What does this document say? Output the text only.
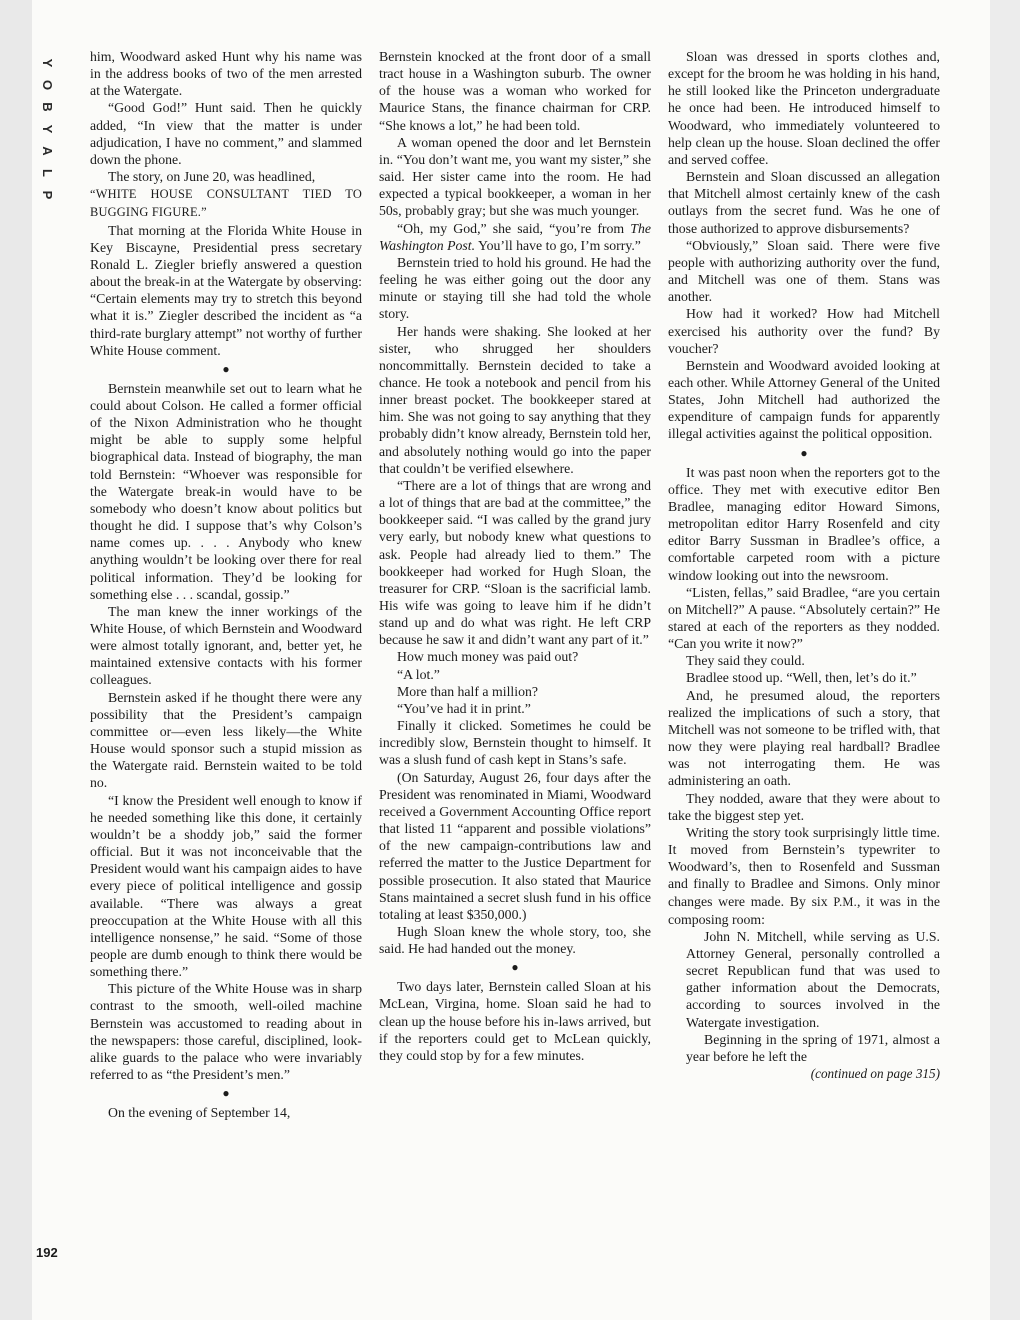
Y
O
B
Y
A
L
P
192

him, Woodward asked Hunt why his name was in the address books of two of the men arrested at the Watergate.

“Good God!” Hunt said. Then he quickly added, “In view that the matter is under adjudication, I have no comment,” and slammed down the phone.

The story, on June 20, was headlined,

“WHITE HOUSE CONSULTANT TIED TO BUGGING FIGURE.”

That morning at the Florida White House in Key Biscayne, Presidential press secretary Ronald L. Ziegler briefly answered a question about the break-in at the Watergate by observing: “Certain elements may try to stretch this beyond what it is.” Ziegler described the incident as “a third-rate burglary attempt” not worthy of further White House comment.

●

Bernstein meanwhile set out to learn what he could about Colson. He called a former official of the Nixon Administration who he thought might be able to supply some helpful biographical data. Instead of biography, the man told Bernstein: “Whoever was responsible for the Watergate break-in would have to be somebody who doesn’t know about politics but thought he did. I suppose that’s why Colson’s name comes up. . . . Anybody who knew anything wouldn’t be looking over there for real political information. They’d be looking for something else . . . scandal, gossip.”

The man knew the inner workings of the White House, of which Bernstein and Woodward were almost totally ignorant, and, better yet, he maintained extensive contacts with his former colleagues.

Bernstein asked if he thought there were any possibility that the President’s campaign committee or—even less likely—the White House would sponsor such a stupid mission as the Watergate raid. Bernstein waited to be told no.

“I know the President well enough to know if he needed something like this done, it certainly wouldn’t be a shoddy job,” said the former official. But it was not inconceivable that the President would want his campaign aides to have every piece of political intelligence and gossip available. “There was always a great preoccupation at the White House with all this intelligence nonsense,” he said. “Some of those people are dumb enough to think there would be something there.”

This picture of the White House was in sharp contrast to the smooth, well-oiled machine Bernstein was accustomed to reading about in the newspapers: those careful, disciplined, look-alike guards to the palace who were invariably referred to as “the President’s men.”

●

On the evening of September 14,

Bernstein knocked at the front door of a small tract house in a Washington suburb. The owner of the house was a woman who worked for Maurice Stans, the finance chairman for CRP. “She knows a lot,” he had been told.

A woman opened the door and let Bernstein in. “You don’t want me, you want my sister,” she said. Her sister came into the room. He had expected a typical bookkeeper, a woman in her 50s, probably gray; but she was much younger.

“Oh, my God,” she said, “you’re from The Washington Post. You’ll have to go, I’m sorry.”

Bernstein tried to hold his ground. He had the feeling he was either going out the door any minute or staying till she had told the whole story.

Her hands were shaking. She looked at her sister, who shrugged her shoulders noncommittally. Bernstein decided to take a chance. He took a notebook and pencil from his inner breast pocket. The bookkeeper stared at him. She was not going to say anything that they probably didn’t know already, Bernstein told her, and absolutely nothing would go into the paper that couldn’t be verified elsewhere.

“There are a lot of things that are wrong and a lot of things that are bad at the committee,” the bookkeeper said. “I was called by the grand jury very early, but nobody knew what questions to ask. People had already lied to them.” The bookkeeper had worked for Hugh Sloan, the treasurer for CRP. “Sloan is the sacrificial lamb. His wife was going to leave him if he didn’t stand up and do what was right. He left CRP because he saw it and didn’t want any part of it.”

How much money was paid out?

“A lot.”

More than half a million?

“You’ve had it in print.”

Finally it clicked. Sometimes he could be incredibly slow, Bernstein thought to himself. It was a slush fund of cash kept in Stans’s safe.

(On Saturday, August 26, four days after the President was renominated in Miami, Woodward received a Government Accounting Office report that listed 11 “apparent and possible violations” of the new campaign-contributions law and referred the matter to the Justice Department for possible prosecution. It also stated that Maurice Stans maintained a secret slush fund in his office totaling at least $350,000.)

Hugh Sloan knew the whole story, too, she said. He had handed out the money.

●

Two days later, Bernstein called Sloan at his McLean, Virgina, home. Sloan said he had to clean up the house before his in-laws arrived, but if the reporters could get to McLean quickly, they could stop by for a few minutes.

Sloan was dressed in sports clothes and, except for the broom he was holding in his hand, he still looked like the Princeton undergraduate he once had been. He introduced himself to Woodward, who immediately volunteered to help clean up the house. Sloan declined the offer and served coffee.

Bernstein and Sloan discussed an allegation that Mitchell almost certainly knew of the cash outlays from the secret fund. Was he one of those authorized to approve disbursements?

“Obviously,” Sloan said. There were five people with authorizing authority over the fund, and Mitchell was one of them. Stans was another.

How had it worked? How had Mitchell exercised his authority over the fund? By voucher?

Bernstein and Woodward avoided looking at each other. While Attorney General of the United States, John Mitchell had authorized the expenditure of campaign funds for apparently illegal activities against the political opposition.

●

It was past noon when the reporters got to the office. They met with executive editor Ben Bradlee, managing editor Howard Simons, metropolitan editor Harry Rosenfeld and city editor Barry Sussman in Bradlee’s office, a comfortable carpeted room with a picture window looking out into the newsroom.

“Listen, fellas,” said Bradlee, “are you certain on Mitchell?” A pause. “Absolutely certain?” He stared at each of the reporters as they nodded. “Can you write it now?”

They said they could.

Bradlee stood up. “Well, then, let’s do it.”

And, he presumed aloud, the reporters realized the implications of such a story, that Mitchell was not someone to be trifled with, that now they were playing real hardball? Bradlee was not interrogating them. He was administering an oath.

They nodded, aware that they were about to take the biggest step yet.

Writing the story took surprisingly little time. It moved from Bernstein’s typewriter to Woodward’s, then to Rosenfeld and Sussman and finally to Bradlee and Simons. Only minor changes were made. By six P.M., it was in the composing room:

John N. Mitchell, while serving as U.S. Attorney General, personally controlled a secret Republican fund that was used to gather information about the Democrats, according to sources involved in the Watergate investigation.

Beginning in the spring of 1971, almost a year before he left the

(continued on page 315)
